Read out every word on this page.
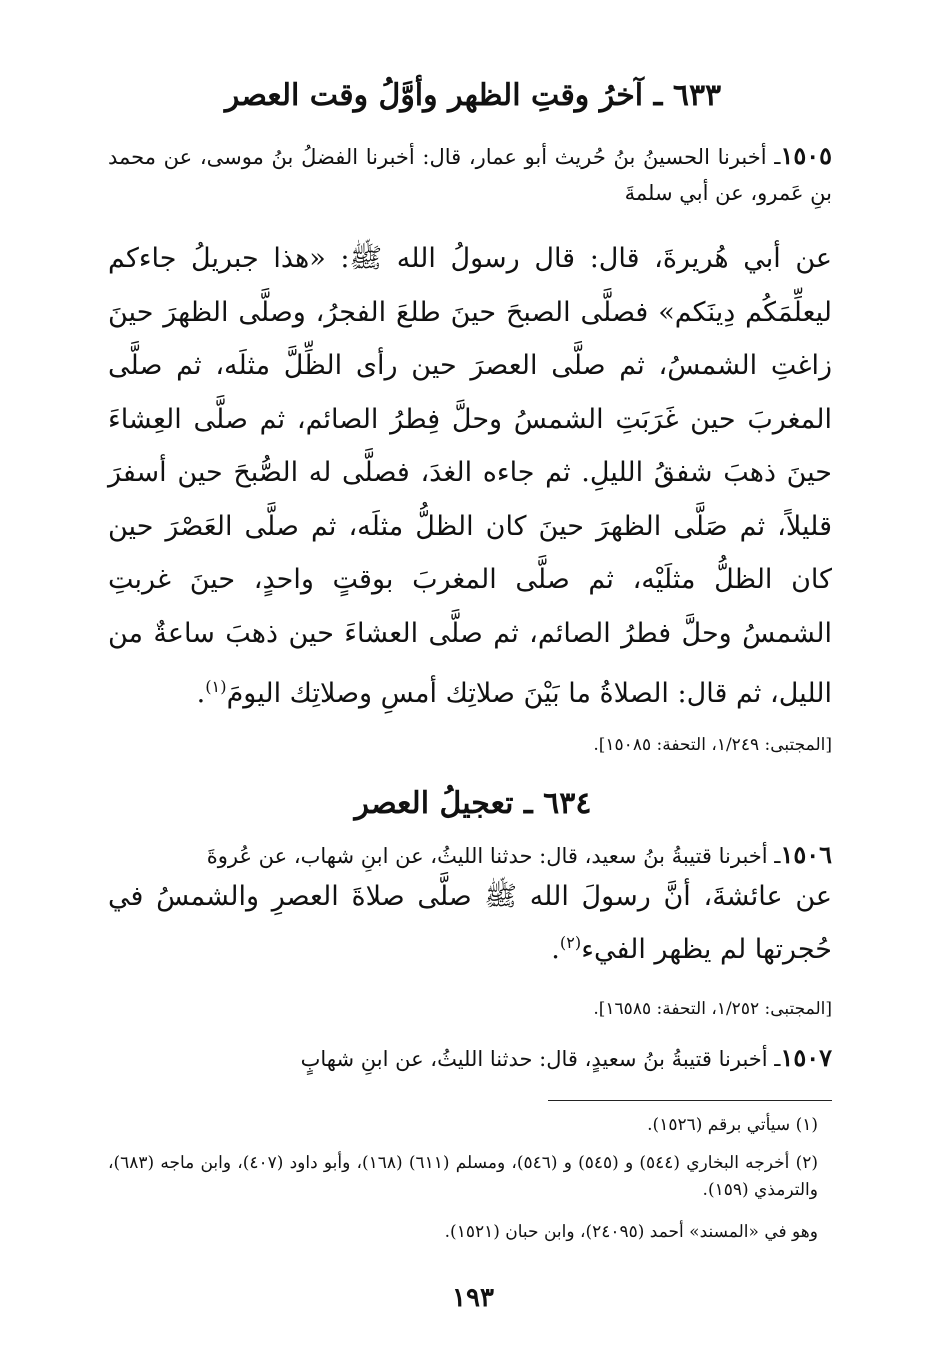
٦٣٣ ـ آخرُ وقتِ الظهر وأوَّلُ وقت العصر
١٥٠٥ـ أخبرنا الحسينُ بنُ حُريث أبو عمار، قال: أخبرنا الفضلُ بنُ موسى، عن محمد بنِ عَمرو، عن أبي سلمةَ
عن أبي هُريرةَ، قال: قال رسولُ الله ﷺ: «هذا جبريلُ جاءكم ليعلِّمَكُم دِينَكم» فصلَّى الصبحَ حينَ طلعَ الفجرُ، وصلَّى الظهرَ حينَ زاغتِ الشمسُ، ثم صلَّى العصرَ حين رأى الظِّلَّ مثلَه، ثم صلَّى المغربَ حين غَرَبَتِ الشمسُ وحلَّ فِطرُ الصائم، ثم صلَّى العِشاءَ حينَ ذهبَ شفقُ الليلِ. ثم جاءه الغدَ، فصلَّى له الصُّبحَ حين أسفرَ قليلاً، ثم صَلَّى الظهرَ حينَ كان الظلُّ مثلَه، ثم صلَّى العَصْرَ حين كان الظلُّ مثلَيْه، ثم صلَّى المغربَ بوقتٍ واحدٍ، حينَ غربتِ الشمسُ وحلَّ فطرُ الصائم، ثم صلَّى العشاءَ حين ذهبَ ساعةٌ من الليل، ثم قال: الصلاةُ ما بَيْنَ صلاتِك أمسِ وصلاتِك اليومَ$^{(١)}$.
[المجتبى: ١/٢٤٩، التحفة: ١٥٠٨٥].
٦٣٤ ـ تعجيلُ العصر
١٥٠٦ـ أخبرنا قتيبةُ بنُ سعيد، قال: حدثنا الليثُ، عن ابنِ شهاب، عن عُروةَ
عن عائشةَ، أنَّ رسولَ الله ﷺ صلَّى صلاةَ العصرِ والشمسُ في حُجرتها لم يظهر الفيء$^{(٢)}$.
[المجتبى: ١/٢٥٢، التحفة: ١٦٥٨٥].
١٥٠٧ـ أخبرنا قتيبةُ بنُ سعيدٍ، قال: حدثنا الليثُ، عن ابنِ شهابٍ
(١) سيأتي برقم (١٥٢٦).
(٢) أخرجه البخاري (٥٤٤) و (٥٤٥) و (٥٤٦)، ومسلم (٦١١) (١٦٨)، وأبو داود (٤٠٧)، وابن ماجه (٦٨٣)، والترمذي (١٥٩).
وهو في «المسند» أحمد (٢٤٠٩٥)، وابن حبان (١٥٢١).
١٩٣
